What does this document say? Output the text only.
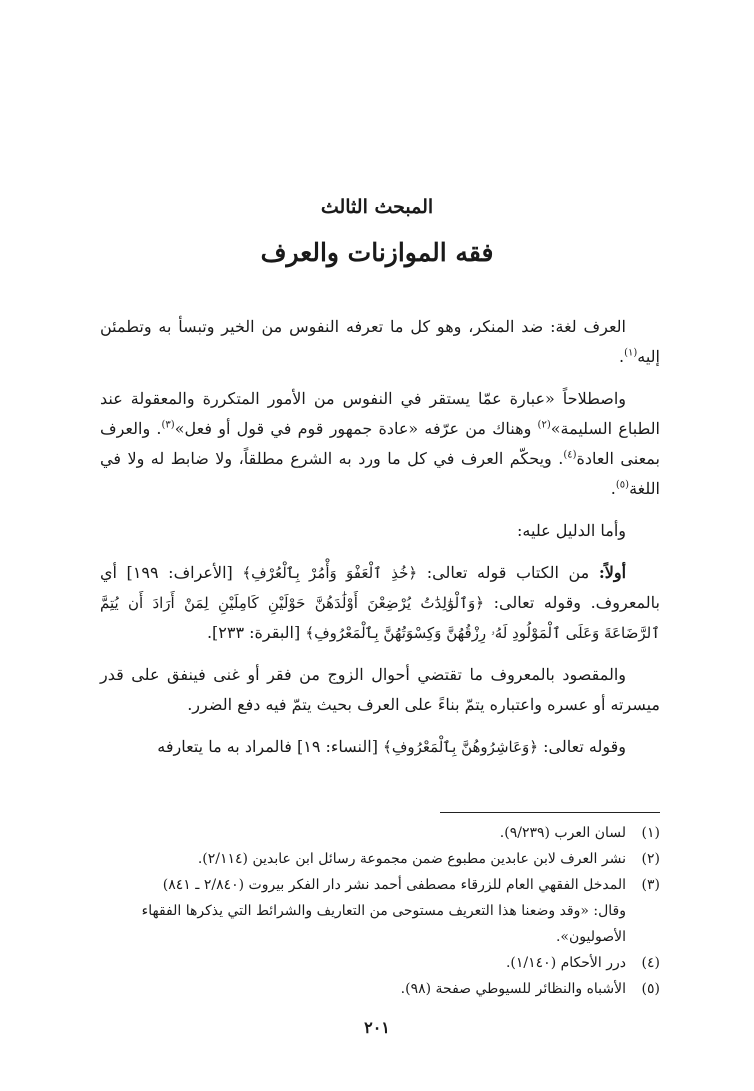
المبحث الثالث
فقه الموازنات والعرف

العرف لغة: ضد المنكر، وهو كل ما تعرفه النفوس من الخير وتبسأ به وتطمئن إليه$^{(١)}$.

واصطلاحاً «عبارة عمّا يستقر في النفوس من الأمور المتكررة والمعقولة عند الطباع السليمة»$^{(٢)}$ وهناك من عرّفه «عادة جمهور قوم في قول أو فعل»$^{(٣)}$. والعرف بمعنى العادة$^{(٤)}$. ويحكّم العرف في كل ما ورد به الشرع مطلقاً، ولا ضابط له ولا في اللغة$^{(٥)}$.

وأما الدليل عليه:

أولاً: من الكتاب قوله تعالى: ﴿خُذِ ٱلْعَفْوَ وَأْمُرْ بِٱلْعُرْفِ﴾ [الأعراف: ١٩٩] أي بالمعروف. وقوله تعالى: ﴿وَٱلْوَٰلِدَٰتُ يُرْضِعْنَ أَوْلَٰدَهُنَّ حَوْلَيْنِ كَامِلَيْنِ لِمَنْ أَرَادَ أَن يُتِمَّ ٱلرَّضَاعَةَ وَعَلَى ٱلْمَوْلُودِ لَهُۥ رِزْقُهُنَّ وَكِسْوَتُهُنَّ بِٱلْمَعْرُوفِ﴾ [البقرة: ٢٣٣].

والمقصود بالمعروف ما تقتضي أحوال الزوج من فقر أو غنى فينفق على قدر ميسرته أو عسره واعتباره يتمّ بناءً على العرف بحيث يتمّ فيه دفع الضرر.

وقوله تعالى: ﴿وَعَاشِرُوهُنَّ بِٱلْمَعْرُوفِ﴾ [النساء: ١٩] فالمراد به ما يتعارفه

(١)
لسان العرب (٩/٢٣٩).
(٢)
نشر العرف لابن عابدين مطبوع ضمن مجموعة رسائل ابن عابدين (٢/١١٤).
(٣)
المدخل الفقهي العام للزرقاء مصطفى أحمد نشر دار الفكر بيروت (٢/٨٤٠ ـ ٨٤١)
وقال: «وقد وضعنا هذا التعريف مستوحى من التعاريف والشرائط التي يذكرها الفقهاء الأصوليون».
(٤)
درر الأحكام (١/١٤٠).
(٥)
الأشباه والنظائر للسيوطي صفحة (٩٨).
٢٠١
